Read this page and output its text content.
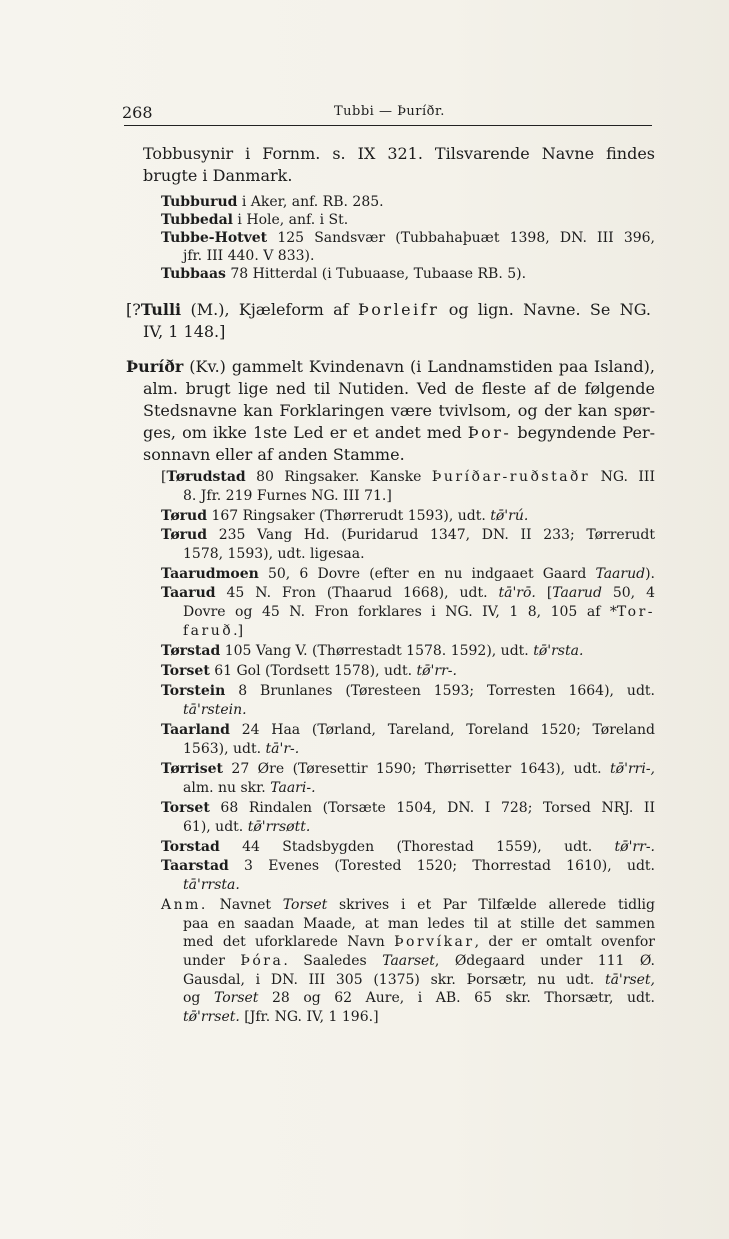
268	Tubbi — Þuríðr.
Tobbusynir i Fornm. s. IX 321. Tilsvarende Navne findes
brugte i Danmark.
Tubburud i Aker, anf. RB. 285.
Tubbedal i Hole, anf. i St.
Tubbe-Hotvet 125 Sandsvær (Tubbahaþuæt 1398, DN. III 396,
jfr. III 440. V 833).
Tubbaas 78 Hitterdal (i Tubuaase, Tubaase RB. 5).
[?Tulli (M.), Kjæleform af Þorleifr og lign. Navne. Se NG.
IV, 1 148.]
Þuríðr (Kv.) gammelt Kvindenavn (i Landnamstiden paa Island),
alm. brugt lige ned til Nutiden. Ved de fleste af de følgende
Stedsnavne kan Forklaringen være tvivlsom, og der kan spør-
ges, om ikke 1ste Led er et andet med Þor- begyndende Per-
sonnavn eller af anden Stamme.
[Tørudstad 80 Ringsaker. Kanske Þuríðar-ruðstaðr NG. III
8. Jfr. 219 Furnes NG. III 71.]
Tørud 167 Ringsaker (Thørrerudt 1593), udt. tø̄'rú.
Tørud 235 Vang Hd. (Þuridarud 1347, DN. II 233; Tørrerudt
1578, 1593), udt. ligesaa.
Taarudmoen 50, 6 Dovre (efter en nu indgaaet Gaard Taarud).
Taarud 45 N. Fron (Thaarud 1668), udt. tā'rō. [Taarud 50, 4
Dovre og 45 N. Fron forklares i NG. IV, 1 8, 105 af *Tor-
faruð.]
Tørstad 105 Vang V. (Thørrestadt 1578. 1592), udt. tø̄'rsta.
Torset 61 Gol (Tordsett 1578), udt. tø̄'rr-.
Torstein 8 Brunlanes (Tøresteen 1593; Torresten 1664), udt.
tā'rstein.
Taarland 24 Haa (Tørland, Tareland, Toreland 1520; Tøreland
1563), udt. tā'r-.
Tørriset 27 Øre (Tøresettir 1590; Thørrisetter 1643), udt. tø̄'rri-,
alm. nu skr. Taari-.
Torset 68 Rindalen (Torsæte 1504, DN. I 728; Torsed NRJ. II
61), udt. tø̄'rrsøtt.
Torstad 44 Stadsbygden (Thorestad 1559), udt. tø̄'rr-.
Taarstad 3 Evenes (Torested 1520; Thorrestad 1610), udt.
tā'rrsta.
Anm. Navnet Torset skrives i et Par Tilfælde allerede tidlig
paa en saadan Maade, at man ledes til at stille det sammen
med det uforklarede Navn Þorvíkar, der er omtalt ovenfor
under Þóra. Saaledes Taarset, Ødegaard under 111 Ø.
Gausdal, i DN. III 305 (1375) skr. Þorsætr, nu udt. tā'rset,
og Torset 28 og 62 Aure, i AB. 65 skr. Thorsætr, udt.
tø̄'rrset. [Jfr. NG. IV, 1 196.]
